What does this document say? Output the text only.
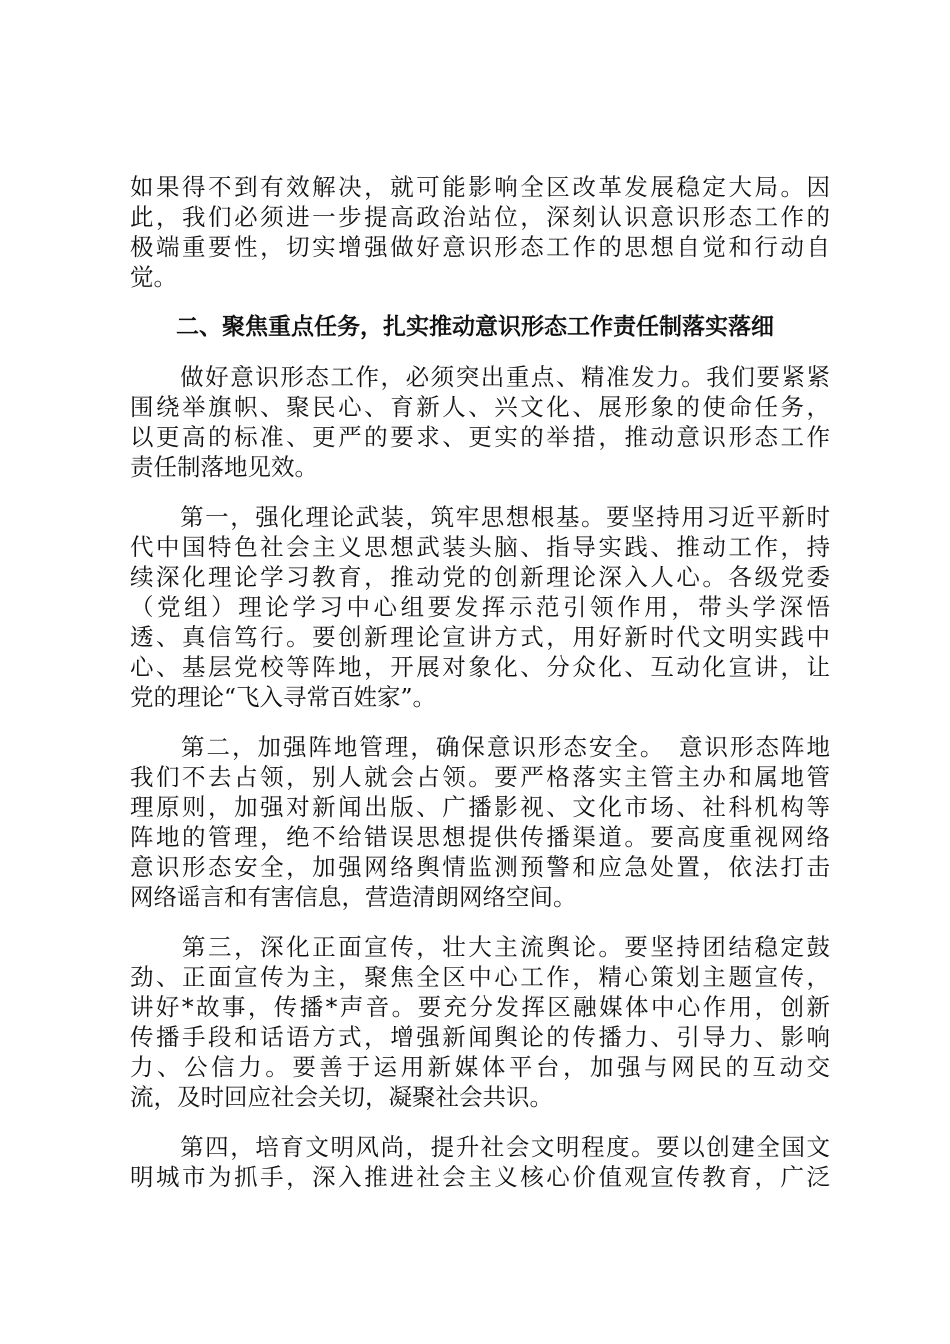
如果得不到有效解决，就可能影响全区改革发展稳定大局。因
此，我们必须进一步提高政治站位，深刻认识意识形态工作的
极端重要性，切实增强做好意识形态工作的思想自觉和行动自
觉。
　　二、聚焦重点任务，扎实推动意识形态工作责任制落实落细
　　做好意识形态工作，必须突出重点、精准发力。我们要紧紧
围绕举旗帜、聚民心、育新人、兴文化、展形象的使命任务，
以更高的标准、更严的要求、更实的举措，推动意识形态工作
责任制落地见效。
　　第一，强化理论武装，筑牢思想根基。要坚持用习近平新时
代中国特色社会主义思想武装头脑、指导实践、推动工作，持
续深化理论学习教育，推动党的创新理论深入人心。各级党委
（党组）理论学习中心组要发挥示范引领作用，带头学深悟
透、真信笃行。要创新理论宣讲方式，用好新时代文明实践中
心、基层党校等阵地，开展对象化、分众化、互动化宣讲，让
党的理论“飞入寻常百姓家”。
　　第二，加强阵地管理，确保意识形态安全。　意识形态阵地
我们不去占领，别人就会占领。要严格落实主管主办和属地管
理原则，加强对新闻出版、广播影视、文化市场、社科机构等
阵地的管理，绝不给错误思想提供传播渠道。要高度重视网络
意识形态安全，加强网络舆情监测预警和应急处置，依法打击
网络谣言和有害信息，营造清朗网络空间。
　　第三，深化正面宣传，壮大主流舆论。要坚持团结稳定鼓
劲、正面宣传为主，聚焦全区中心工作，精心策划主题宣传，
讲好*故事，传播*声音。要充分发挥区融媒体中心作用，创新
传播手段和话语方式，增强新闻舆论的传播力、引导力、影响
力、公信力。要善于运用新媒体平台，加强与网民的互动交
流，及时回应社会关切，凝聚社会共识。
　　第四，培育文明风尚，提升社会文明程度。要以创建全国文
明城市为抓手，深入推进社会主义核心价值观宣传教育，广泛
